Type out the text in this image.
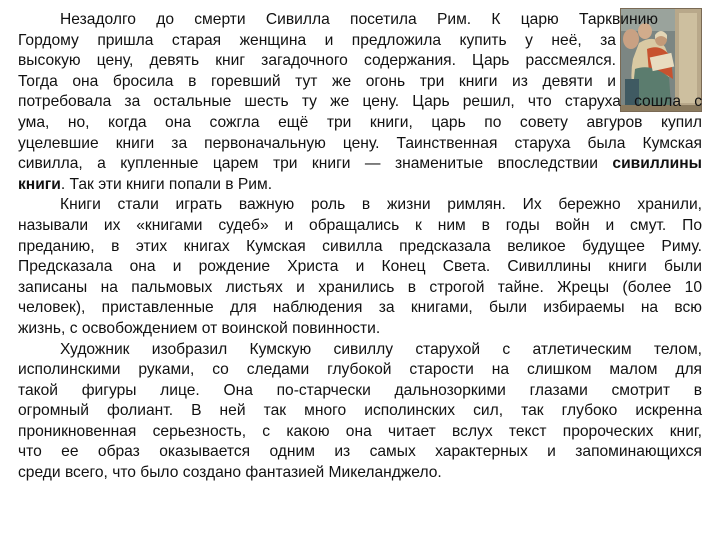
Незадолго до смерти Сивилла посетила Рим. К царю Тарквинию
Гордому пришла старая женщина и предложила купить у неё, за
высокую цену, девять книг загадочного содержания. Царь рассмеялся.
Тогда она бросила в горевший тут же огонь три книги из девяти и
потребовала за остальные шесть ту же цену. Царь решил, что старуха сошла с
ума, но, когда она сожгла ещё три книги, царь по совету авгуров купил
уцелевшие книги за первоначальную цену. Таинственная старуха была Кумская
сивилла, а купленные царем три книги — знаменитые впоследствии сивиллины
книги. Так эти книги попали в Рим.
Книги стали играть важную роль в жизни римлян. Их бережно хранили,
называли их «книгами судеб» и обращались к ним в годы войн и смут. По
преданию, в этих книгах Кумская сивилла предсказала великое будущее Риму.
Предсказала она и рождение Христа и Конец Света. Сивиллины книги были
записаны на пальмовых листьях и хранились в строгой тайне. Жрецы (более 10
человек), приставленные для наблюдения за книгами, были избираемы на всю
жизнь, с освобождением от воинской повинности.
Художник изобразил Кумскую сивиллу старухой с атлетическим телом,
исполинскими руками, со следами глубокой старости на слишком малом для
такой фигуры лице. Она по-старчески дальнозоркими глазами смотрит в
огромный фолиант. В ней так много исполинских сил, так глубоко искренна
проникновенная серьезность, с какою она читает вслух текст пророческих книг,
что ее образ оказывается одним из самых характерных и запоминающихся
среди всего, что было создано фантазией Микеланджело.
